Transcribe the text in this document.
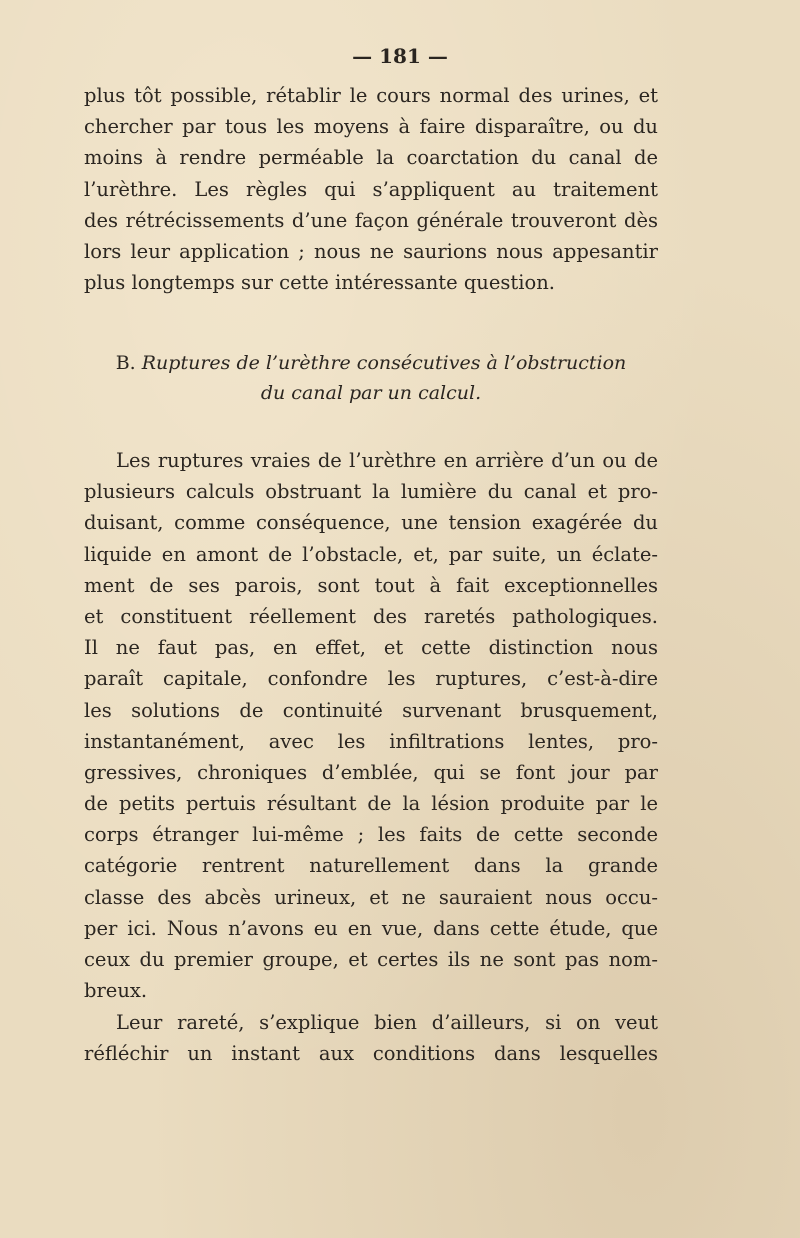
— 181 —
plus tôt possible, rétablir le cours normal des urines, et
chercher par tous les moyens à faire disparaître, ou du
moins à rendre perméable la coarctation du canal de
l’urèthre. Les règles qui s’appliquent au traitement
des rétrécissements d’une façon générale trouveront dès
lors leur application ; nous ne saurions nous appesantir
plus longtemps sur cette intéressante question.
B. Ruptures de l’urèthre consécutives à l’obstruction
du canal par un calcul.
Les ruptures vraies de l’urèthre en arrière d’un ou de
plusieurs calculs obstruant la lumière du canal et pro-
duisant, comme conséquence, une tension exagérée du
liquide en amont de l’obstacle, et, par suite, un éclate-
ment de ses parois, sont tout à fait exceptionnelles
et constituent réellement des raretés pathologiques.
Il ne faut pas, en effet, et cette distinction nous
paraît capitale, confondre les ruptures, c’est-à-dire
les solutions de continuité survenant brusquement,
instantanément, avec les infiltrations lentes, pro-
gressives, chroniques d’emblée, qui se font jour par
de petits pertuis résultant de la lésion produite par le
corps étranger lui-même ; les faits de cette seconde
catégorie rentrent naturellement dans la grande
classe des abcès urineux, et ne sauraient nous occu-
per ici. Nous n’avons eu en vue, dans cette étude, que
ceux du premier groupe, et certes ils ne sont pas nom-
breux.
Leur rareté, s’explique bien d’ailleurs, si on veut
réfléchir un instant aux conditions dans lesquelles
